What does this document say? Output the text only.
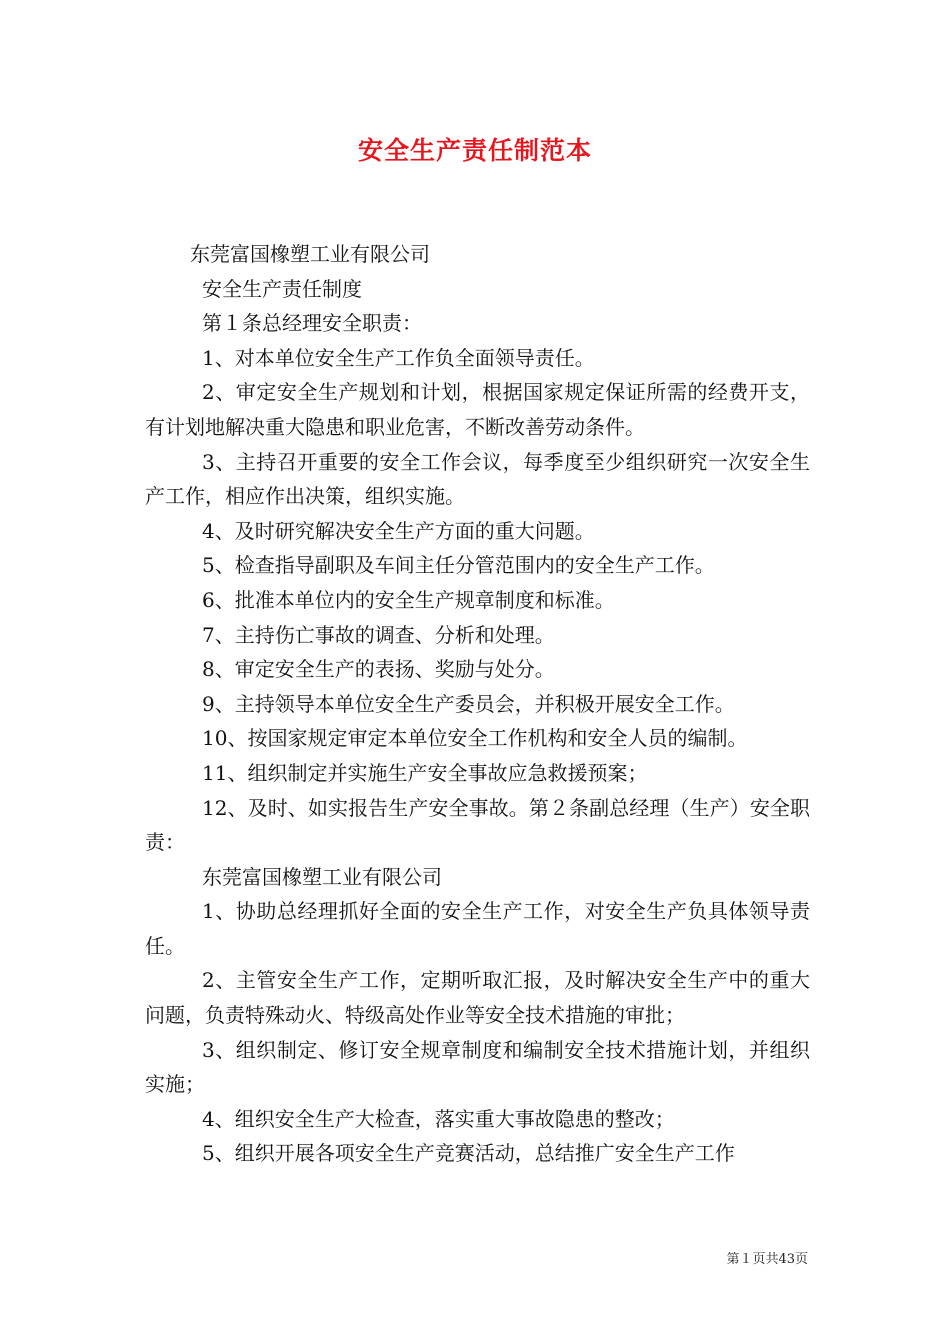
安全生产责任制范本

东莞富国橡塑工业有限公司

安全生产责任制度

第１条总经理安全职责：

1、对本单位安全生产工作负全面领导责任。

2、审定安全生产规划和计划，根据国家规定保证所需的经费开支，有计划地解决重大隐患和职业危害，不断改善劳动条件。

3、主持召开重要的安全工作会议，每季度至少组织研究一次安全生产工作，相应作出决策，组织实施。

4、及时研究解决安全生产方面的重大问题。

5、检查指导副职及车间主任分管范围内的安全生产工作。

6、批准本单位内的安全生产规章制度和标准。

7、主持伤亡事故的调查、分析和处理。

8、审定安全生产的表扬、奖励与处分。

9、主持领导本单位安全生产委员会，并积极开展安全工作。

10、按国家规定审定本单位安全工作机构和安全人员的编制。

11、组织制定并实施生产安全事故应急救援预案；

12、及时、如实报告生产安全事故。第２条副总经理（生产）安全职责：

东莞富国橡塑工业有限公司

1、协助总经理抓好全面的安全生产工作，对安全生产负具体领导责任。

2、主管安全生产工作，定期听取汇报，及时解决安全生产中的重大问题，负责特殊动火、特级高处作业等安全技术措施的审批；

3、组织制定、修订安全规章制度和编制安全技术措施计划，并组织实施；

4、组织安全生产大检查，落实重大事故隐患的整改；

5、组织开展各项安全生产竞赛活动，总结推广安全生产工作

第１页共43页
